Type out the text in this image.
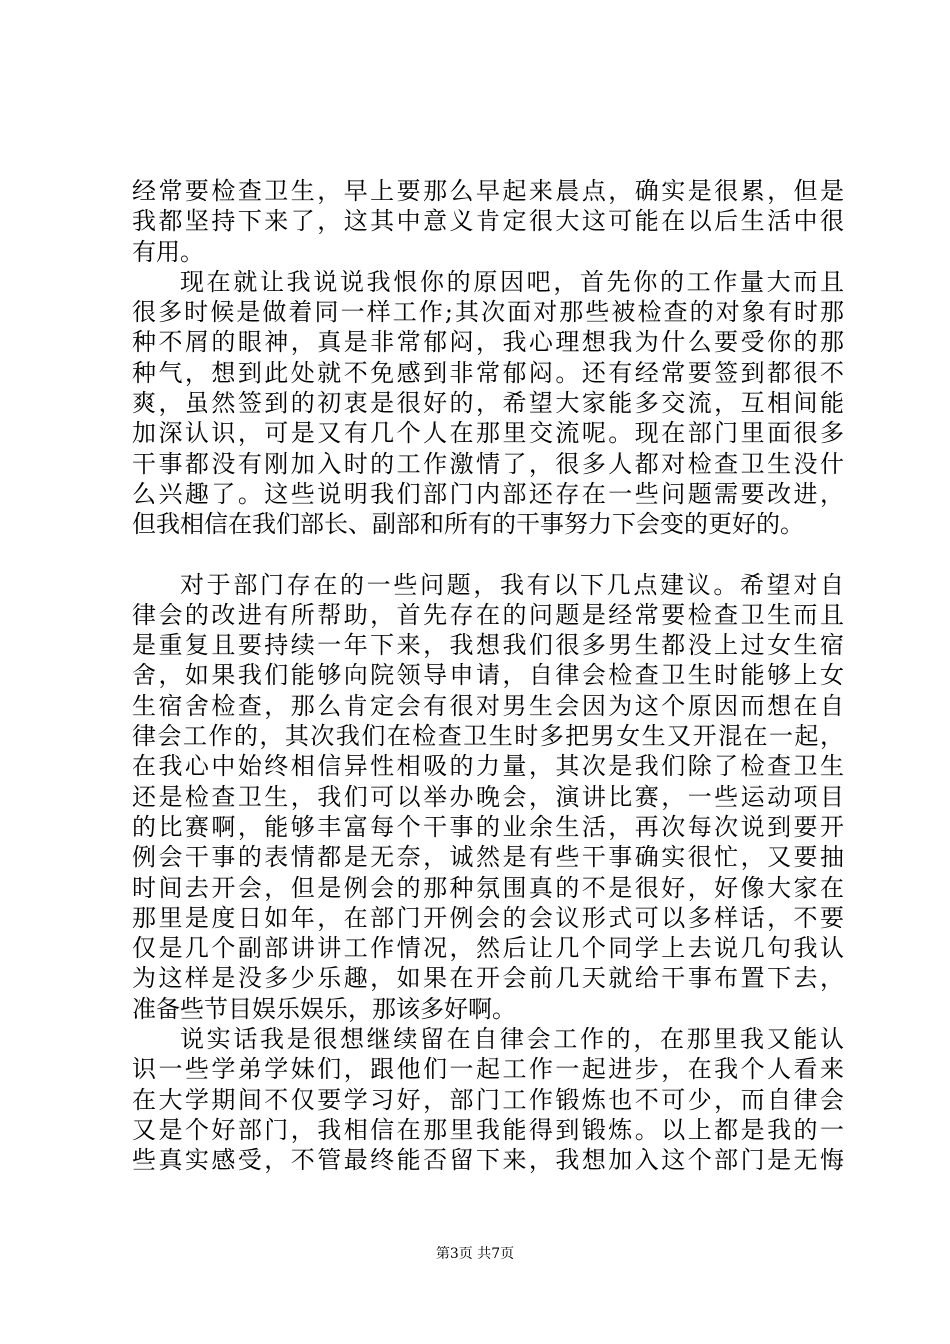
经常要检查卫生，早上要那么早起来晨点，确实是很累，但是
我都坚持下来了，这其中意义肯定很大这可能在以后生活中很
有用。
现在就让我说说我恨你的原因吧，首先你的工作量大而且
很多时候是做着同一样工作;其次面对那些被检查的对象有时那
种不屑的眼神，真是非常郁闷，我心理想我为什么要受你的那
种气，想到此处就不免感到非常郁闷。还有经常要签到都很不
爽，虽然签到的初衷是很好的，希望大家能多交流，互相间能
加深认识，可是又有几个人在那里交流呢。现在部门里面很多
干事都没有刚加入时的工作激情了，很多人都对检查卫生没什
么兴趣了。这些说明我们部门内部还存在一些问题需要改进，
但我相信在我们部长、副部和所有的干事努力下会变的更好的。
对于部门存在的一些问题，我有以下几点建议。希望对自
律会的改进有所帮助，首先存在的问题是经常要检查卫生而且
是重复且要持续一年下来，我想我们很多男生都没上过女生宿
舍，如果我们能够向院领导申请，自律会检查卫生时能够上女
生宿舍检查，那么肯定会有很对男生会因为这个原因而想在自
律会工作的，其次我们在检查卫生时多把男女生又开混在一起，
在我心中始终相信异性相吸的力量，其次是我们除了检查卫生
还是检查卫生，我们可以举办晚会，演讲比赛，一些运动项目
的比赛啊，能够丰富每个干事的业余生活，再次每次说到要开
例会干事的表情都是无奈，诚然是有些干事确实很忙，又要抽
时间去开会，但是例会的那种氛围真的不是很好，好像大家在
那里是度日如年，在部门开例会的会议形式可以多样话，不要
仅是几个副部讲讲工作情况，然后让几个同学上去说几句我认
为这样是没多少乐趣，如果在开会前几天就给干事布置下去，
准备些节目娱乐娱乐，那该多好啊。
说实话我是很想继续留在自律会工作的，在那里我又能认
识一些学弟学妹们，跟他们一起工作一起进步，在我个人看来
在大学期间不仅要学习好，部门工作锻炼也不可少，而自律会
又是个好部门，我相信在那里我能得到锻炼。以上都是我的一
些真实感受，不管最终能否留下来，我想加入这个部门是无悔
第3页 共7页
